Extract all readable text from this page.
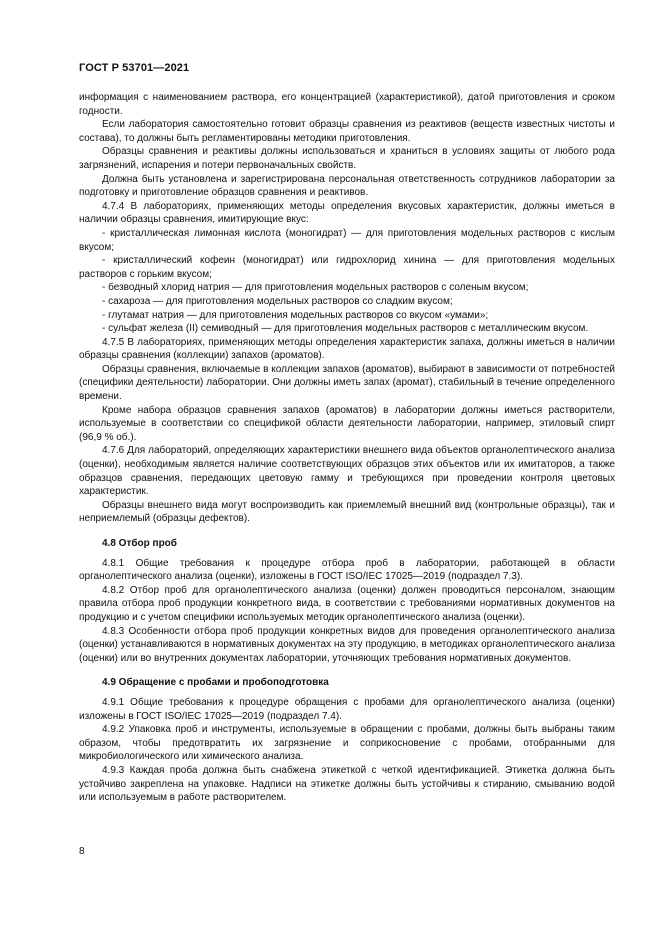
ГОСТ Р 53701—2021

информация с наименованием раствора, его концентрацией (характеристикой), датой приготовления и сроком годности.

Если лаборатория самостоятельно готовит образцы сравнения из реактивов (веществ известных чистоты и состава), то должны быть регламентированы методики приготовления.

Образцы сравнения и реактивы должны использоваться и храниться в условиях защиты от любого рода загрязнений, испарения и потери первоначальных свойств.

Должна быть установлена и зарегистрирована персональная ответственность сотрудников лаборатории за подготовку и приготовление образцов сравнения и реактивов.

4.7.4 В лабораториях, применяющих методы определения вкусовых характеристик, должны иметься в наличии образцы сравнения, имитирующие вкус:

- кристаллическая лимонная кислота (моногидрат) — для приготовления модельных растворов с кислым вкусом;

- кристаллический кофеин (моногидрат) или гидрохлорид хинина — для приготовления модельных растворов с горьким вкусом;

- безводный хлорид натрия — для приготовления модельных растворов с соленым вкусом;

- сахароза — для приготовления модельных растворов со сладким вкусом;

- глутамат натрия — для приготовления модельных растворов со вкусом «умами»;

- сульфат железа (II) семиводный — для приготовления модельных растворов с металлическим вкусом.

4.7.5 В лабораториях, применяющих методы определения характеристик запаха, должны иметься в наличии образцы сравнения (коллекции) запахов (ароматов).

Образцы сравнения, включаемые в коллекции запахов (ароматов), выбирают в зависимости от потребностей (специфики деятельности) лаборатории. Они должны иметь запах (аромат), стабильный в течение определенного времени.

Кроме набора образцов сравнения запахов (ароматов) в лаборатории должны иметься растворители, используемые в соответствии со спецификой области деятельности лаборатории, например, этиловый спирт (96,9 % об.).

4.7.6 Для лабораторий, определяющих характеристики внешнего вида объектов органолептического анализа (оценки), необходимым является наличие соответствующих образцов этих объектов или их имитаторов, а также образцов сравнения, передающих цветовую гамму и требующихся при проведении контроля цветовых характеристик.

Образцы внешнего вида могут воспроизводить как приемлемый внешний вид (контрольные образцы), так и неприемлемый (образцы дефектов).

4.8 Отбор проб

4.8.1 Общие требования к процедуре отбора проб в лаборатории, работающей в области органолептического анализа (оценки), изложены в ГОСТ ISO/IEC 17025—2019 (подраздел 7.3).

4.8.2 Отбор проб для органолептического анализа (оценки) должен проводиться персоналом, знающим правила отбора проб продукции конкретного вида, в соответствии с требованиями нормативных документов на продукцию и с учетом специфики используемых методик органолептического анализа (оценки).

4.8.3 Особенности отбора проб продукции конкретных видов для проведения органолептического анализа (оценки) устанавливаются в нормативных документах на эту продукцию, в методиках органолептического анализа (оценки) или во внутренних документах лаборатории, уточняющих требования нормативных документов.

4.9 Обращение с пробами и пробоподготовка

4.9.1 Общие требования к процедуре обращения с пробами для органолептического анализа (оценки) изложены в ГОСТ ISO/IEC 17025—2019 (подраздел 7.4).

4.9.2 Упаковка проб и инструменты, используемые в обращении с пробами, должны быть выбраны таким образом, чтобы предотвратить их загрязнение и соприкосновение с пробами, отобранными для микробиологического или химического анализа.

4.9.3 Каждая проба должна быть снабжена этикеткой с четкой идентификацией. Этикетка должна быть устойчиво закреплена на упаковке. Надписи на этикетке должны быть устойчивы к стиранию, смыванию водой или используемым в работе растворителем.

8
